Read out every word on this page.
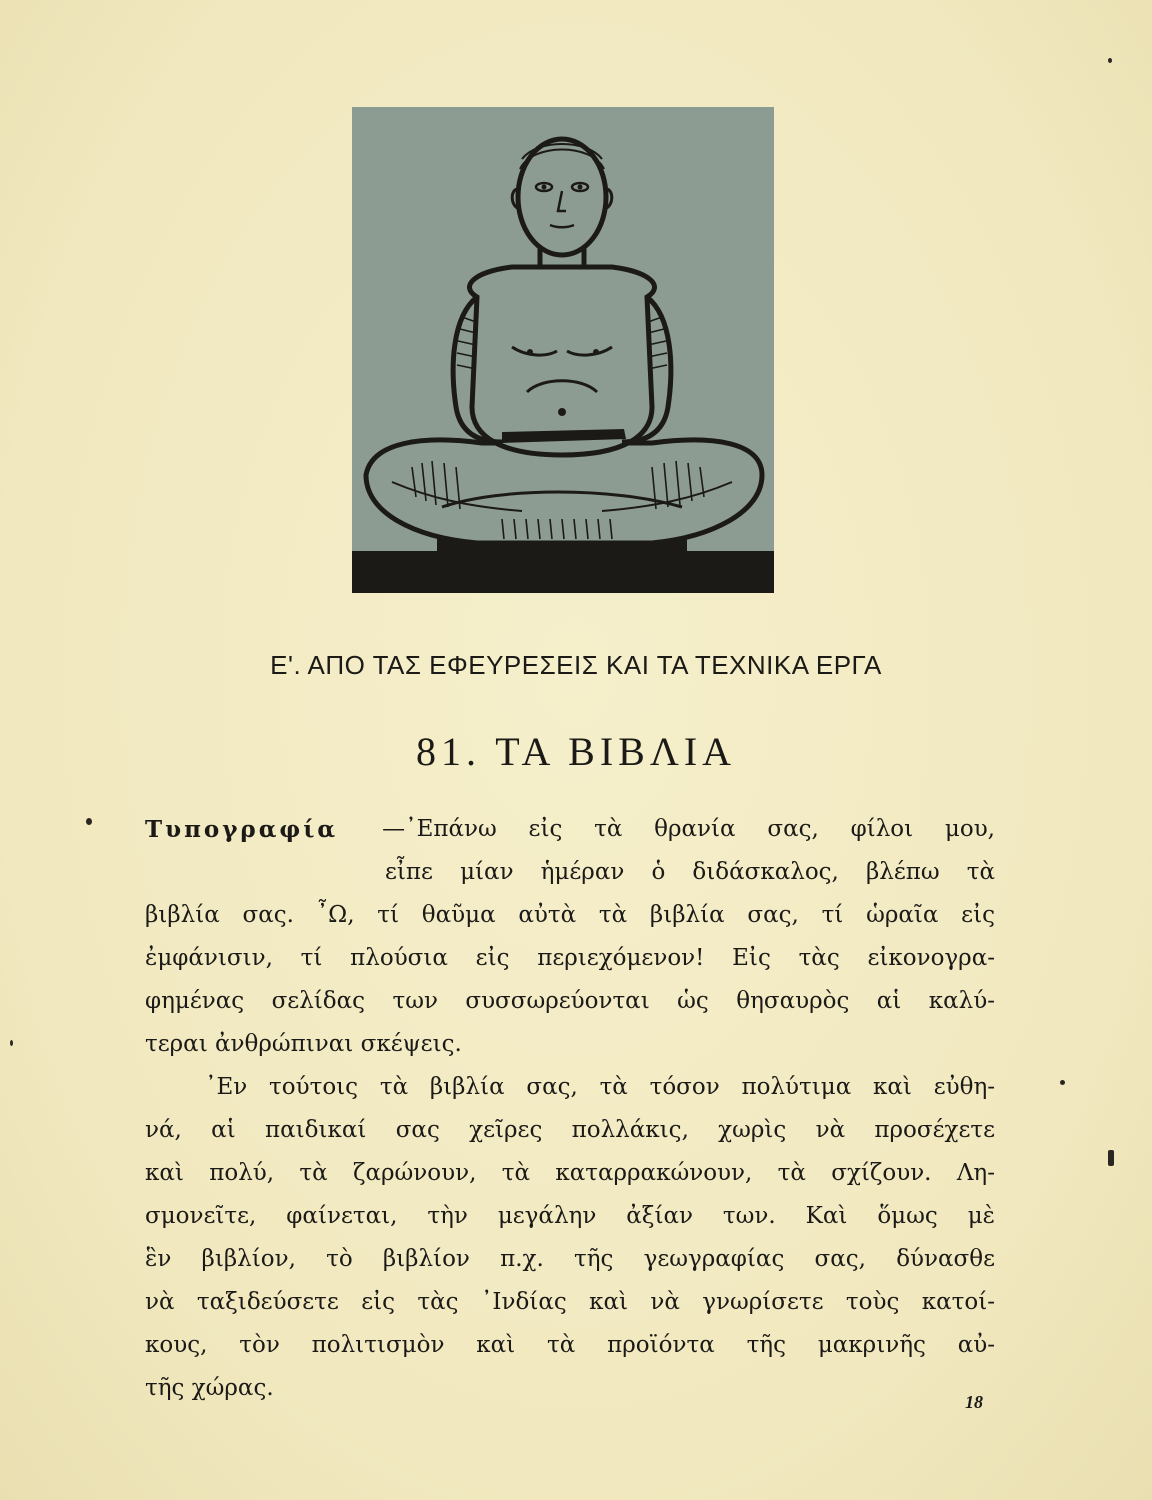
Ε'. ΑΠΟ ΤΑΣ ΕΦΕΥΡΕΣΕΙΣ ΚΑΙ ΤΑ ΤΕΧΝΙΚΑ ΕΡΓΑ
81. ΤΑ ΒΙΒΛΙΑ
Τυπογραφία —᾿Επάνω εἰς τὰ θρανία σας, φίλοι μου,
εἶπε μίαν ἡμέραν ὁ διδάσκαλος, βλέπω τὰ
βιβλία σας. ῏Ω, τί θαῦμα αὐτὰ τὰ βιβλία σας, τί ὡραῖα εἰς
ἐμφάνισιν, τί πλούσια εἰς περιεχόμενον! Εἰς τὰς εἰκονογρα-
φημένας σελίδας των συσσωρεύονται ὡς θησαυρὸς αἱ καλύ-
τεραι ἀνθρώπιναι σκέψεις.
᾿Εν τούτοις τὰ βιβλία σας, τὰ τόσον πολύτιμα καὶ εὐθη-
νά, αἱ παιδικαί σας χεῖρες πολλάκις, χωρὶς νὰ προσέχετε
καὶ πολύ, τὰ ζαρώνουν, τὰ καταρρακώνουν, τὰ σχίζουν. Λη-
σμονεῖτε, φαίνεται, τὴν μεγάλην ἀξίαν των. Καὶ ὅμως μὲ
ἓν βιβλίον, τὸ βιβλίον π.χ. τῆς γεωγραφίας σας, δύνασθε
νὰ ταξιδεύσετε εἰς τὰς ᾿Ινδίας καὶ νὰ γνωρίσετε τοὺς κατοί-
κους, τὸν πολιτισμὸν καὶ τὰ προϊόντα τῆς μακρινῆς αὐ-
τῆς χώρας.
18
